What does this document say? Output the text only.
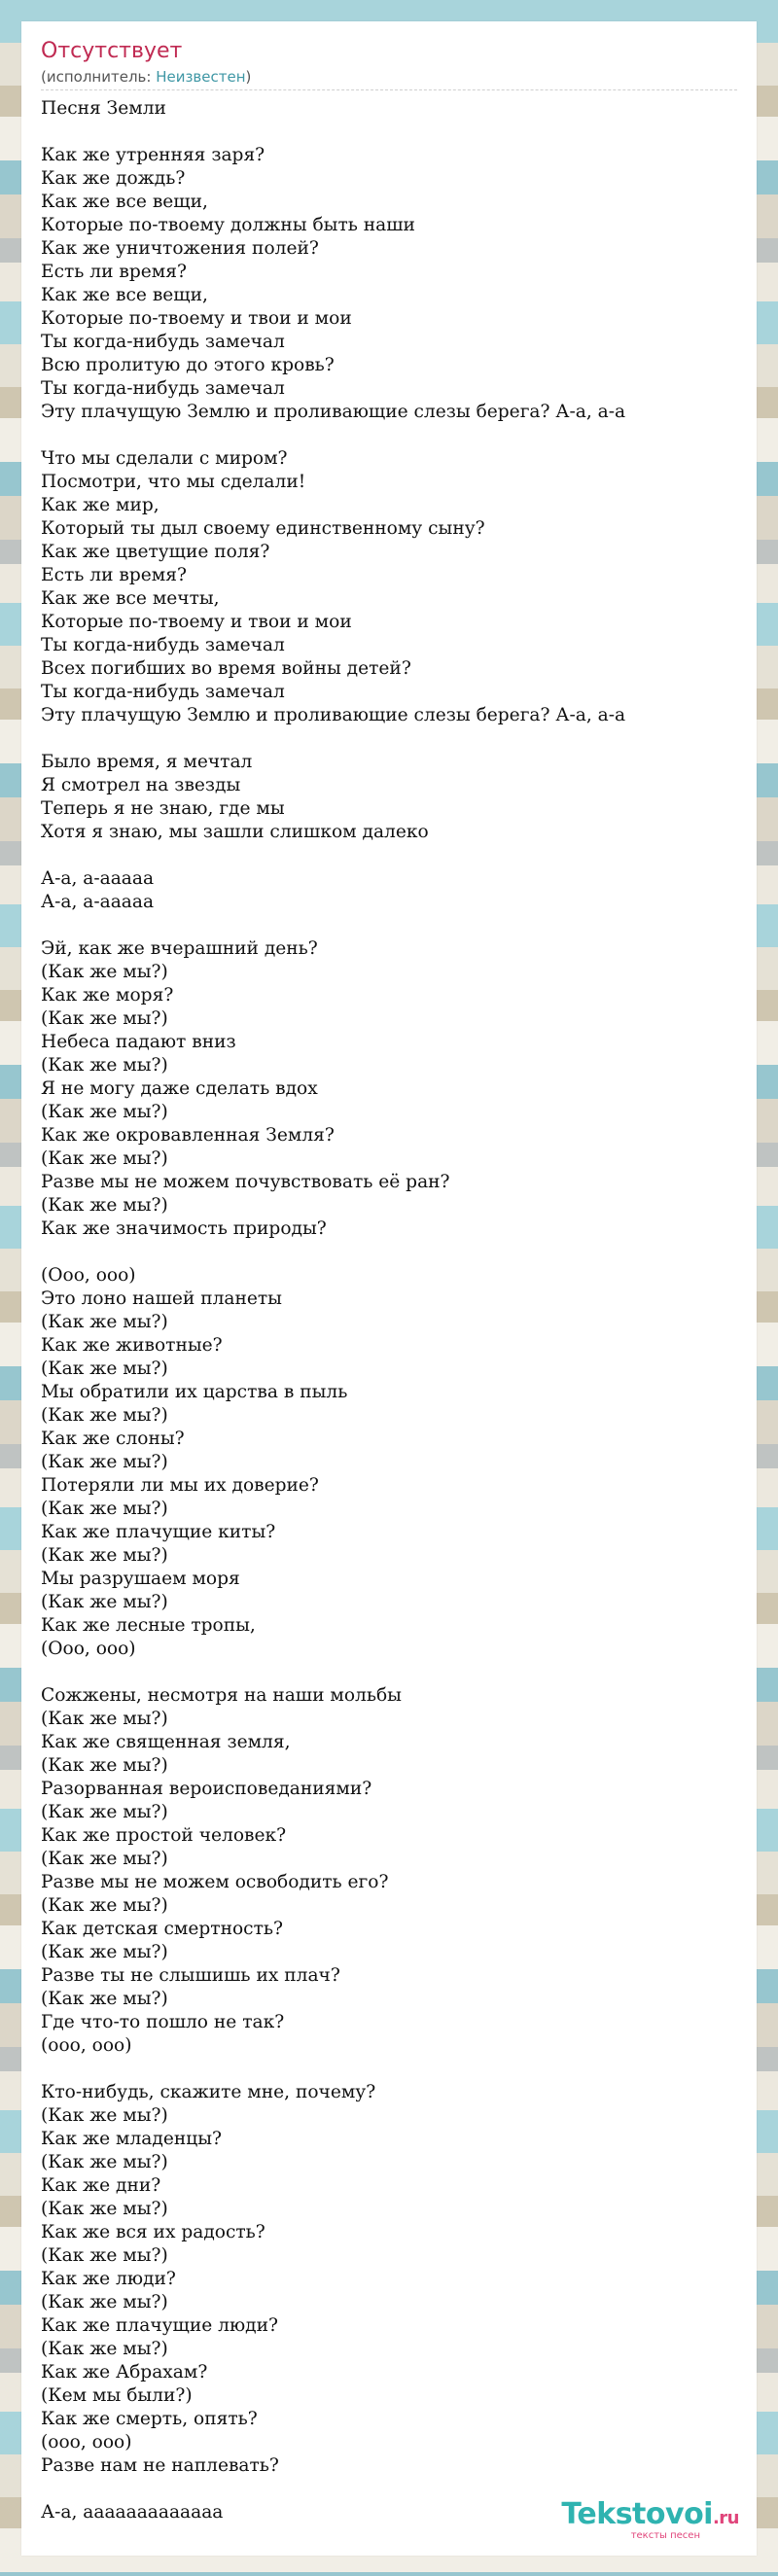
Отсутствует
(исполнитель: Неизвестен)
Песня Земли
Как же утренняя заря?
Как же дождь?
Как же все вещи,
Которые по-твоему должны быть наши
Как же уничтожения полей?
Есть ли время?
Как же все вещи,
Которые по-твоему и твои и мои
Ты когда-нибудь замечал
Всю пролитую до этого кровь?
Ты когда-нибудь замечал
Эту плачущую Землю и проливающие слезы берега? А-а, а-а
Что мы сделали с миром?
Посмотри, что мы сделали!
Как же мир,
Который ты дыл своему единственному сыну?
Как же цветущие поля?
Есть ли время?
Как же все мечты,
Которые по-твоему и твои и мои
Ты когда-нибудь замечал
Всех погибших во время войны детей?
Ты когда-нибудь замечал
Эту плачущую Землю и проливающие слезы берега? А-а, а-а
Было время, я мечтал
Я смотрел на звезды
Теперь я не знаю, где мы
Хотя я знаю, мы зашли слишком далеко
А-а, а-ааааа
А-а, а-ааааа
Эй, как же вчерашний день?
(Как же мы?)
Как же моря?
(Как же мы?)
Небеса падают вниз
(Как же мы?)
Я не могу даже сделать вдох
(Как же мы?)
Как же окровавленная Земля?
(Как же мы?)
Разве мы не можем почувствовать её ран?
(Как же мы?)
Как же значимость природы?
(Ооо, ооо)
Это лоно нашей планеты
(Как же мы?)
Как же животные?
(Как же мы?)
Мы обратили их царства в пыль
(Как же мы?)
Как же слоны?
(Как же мы?)
Потеряли ли мы их доверие?
(Как же мы?)
Как же плачущие киты?
(Как же мы?)
Мы разрушаем моря
(Как же мы?)
Как же лесные тропы,
(Ооо, ооо)
Сожжены, несмотря на наши мольбы
(Как же мы?)
Как же священная земля,
(Как же мы?)
Разорванная вероисповеданиями?
(Как же мы?)
Как же простой человек?
(Как же мы?)
Разве мы не можем освободить его?
(Как же мы?)
Как детская смертность?
(Как же мы?)
Разве ты не слышишь их плач?
(Как же мы?)
Где что-то пошло не так?
(ооо, ооо)
Кто-нибудь, скажите мне, почему?
(Как же мы?)
Как же младенцы?
(Как же мы?)
Как же дни?
(Как же мы?)
Как же вся их радость?
(Как же мы?)
Как же люди?
(Как же мы?)
Как же плачущие люди?
(Как же мы?)
Как же Абрахам?
(Кем мы были?)
Как же смерть, опять?
(ооо, ооо)
Разве нам не наплевать?
А-а, ааааааааааааа	Tekstovoi.ru
тексты песен
